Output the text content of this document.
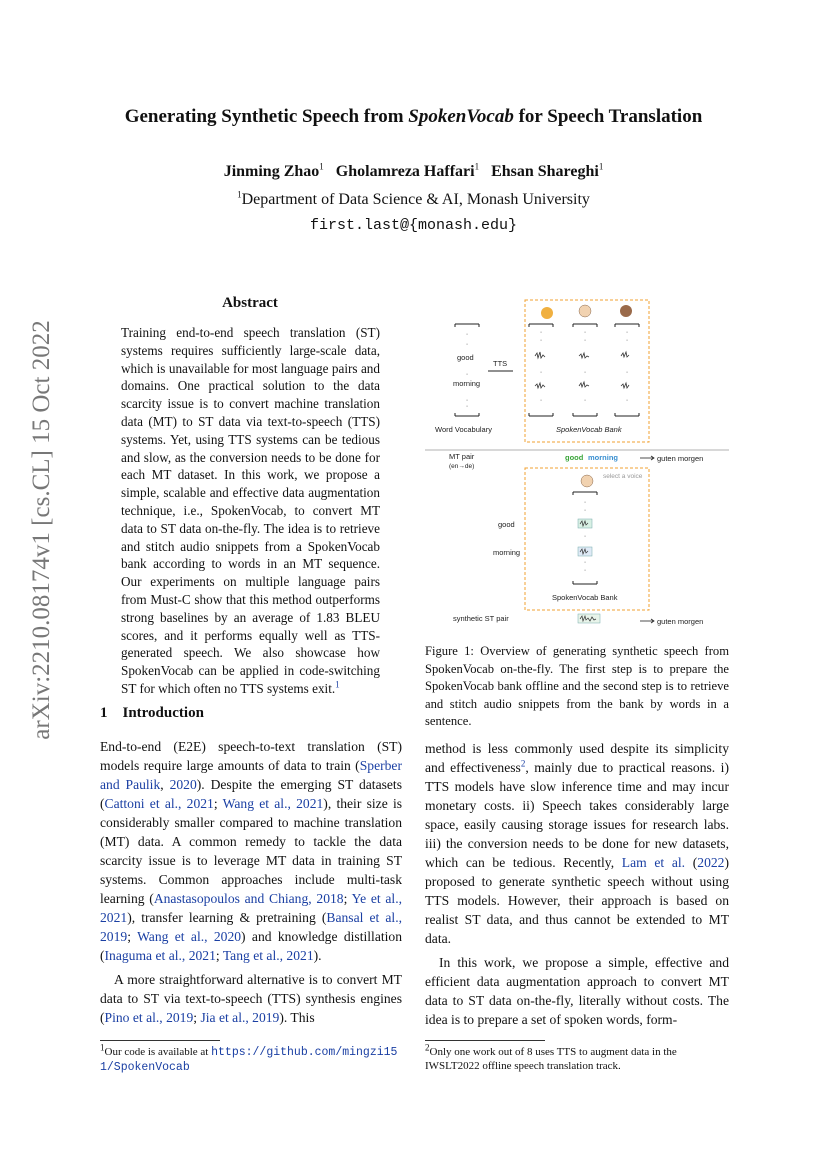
Generating Synthetic Speech from SpokenVocab for Speech Translation
Jinming Zhao$^1$ Gholamreza Haffari$^1$ Ehsan Shareghi$^1$
$^1$Department of Data Science & AI, Monash University
first.last@{monash.edu}
arXiv:2210.08174v1 [cs.CL] 15 Oct 2022
Abstract
Training end-to-end speech translation (ST) systems requires sufficiently large-scale data, which is unavailable for most language pairs and domains. One practical solution to the data scarcity issue is to convert machine translation data (MT) to ST data via text-to-speech (TTS) systems. Yet, using TTS systems can be tedious and slow, as the conversion needs to be done for each MT dataset. In this work, we propose a simple, scalable and effective data augmentation technique, i.e., SpokenVocab, to convert MT data to ST data on-the-fly. The idea is to retrieve and stitch audio snippets from a SpokenVocab bank according to words in an MT sequence. Our experiments on multiple language pairs from Must-C show that this method outperforms strong baselines by an average of 1.83 BLEU scores, and it performs equally well as TTS-generated speech. We also showcase how SpokenVocab can be applied in code-switching ST for which often no TTS systems exit.$^1$
1 Introduction

End-to-end (E2E) speech-to-text translation (ST) models require large amounts of data to train (Sperber and Paulik, 2020). Despite the emerging ST datasets (Cattoni et al., 2021; Wang et al., 2021), their size is considerably smaller compared to machine translation (MT) data. A common remedy to tackle the data scarcity issue is to leverage MT data in training ST systems. Common approaches include multi-task learning (Anastasopoulos and Chiang, 2018; Ye et al., 2021), transfer learning & pretraining (Bansal et al., 2019; Wang et al., 2020) and knowledge distillation (Inaguma et al., 2021; Tang et al., 2021).

A more straightforward alternative is to convert MT data to ST via text-to-speech (TTS) synthesis engines (Pino et al., 2019; Jia et al., 2019). This

$^1$Our code is available at https://github.com/mingzi151/SpokenVocab
·
·
·
·
·
·
·
·
·
·
·
·	·	·
·	·	·
good
morning
TTS
Word Vocabulary	SpokenVocab Bank
MT pair
(en→de)
good morning	guten morgen
select a voice
·
·
·
·
·
good
morning
SpokenVocab Bank
synthetic ST pair	guten morgen
Figure 1: Overview of generating synthetic speech from SpokenVocab on-the-fly. The first step is to prepare the SpokenVocab bank offline and the second step is to retrieve and stitch audio snippets from the bank by words in a sentence.

method is less commonly used despite its simplicity and effectiveness$^2$, mainly due to practical reasons. i) TTS models have slow inference time and may incur monetary costs. ii) Speech takes considerably large space, easily causing storage issues for research labs. iii) the conversion needs to be done for new datasets, which can be tedious. Recently, Lam et al. (2022) proposed to generate synthetic speech without using TTS models. However, their approach is based on realist ST data, and thus cannot be extended to MT data.

In this work, we propose a simple, effective and efficient data augmentation approach to convert MT data to ST data on-the-fly, literally without costs. The idea is to prepare a set of spoken words, form-

$^2$Only one work out of 8 uses TTS to augment data in the IWSLT2022 offline speech translation track.
